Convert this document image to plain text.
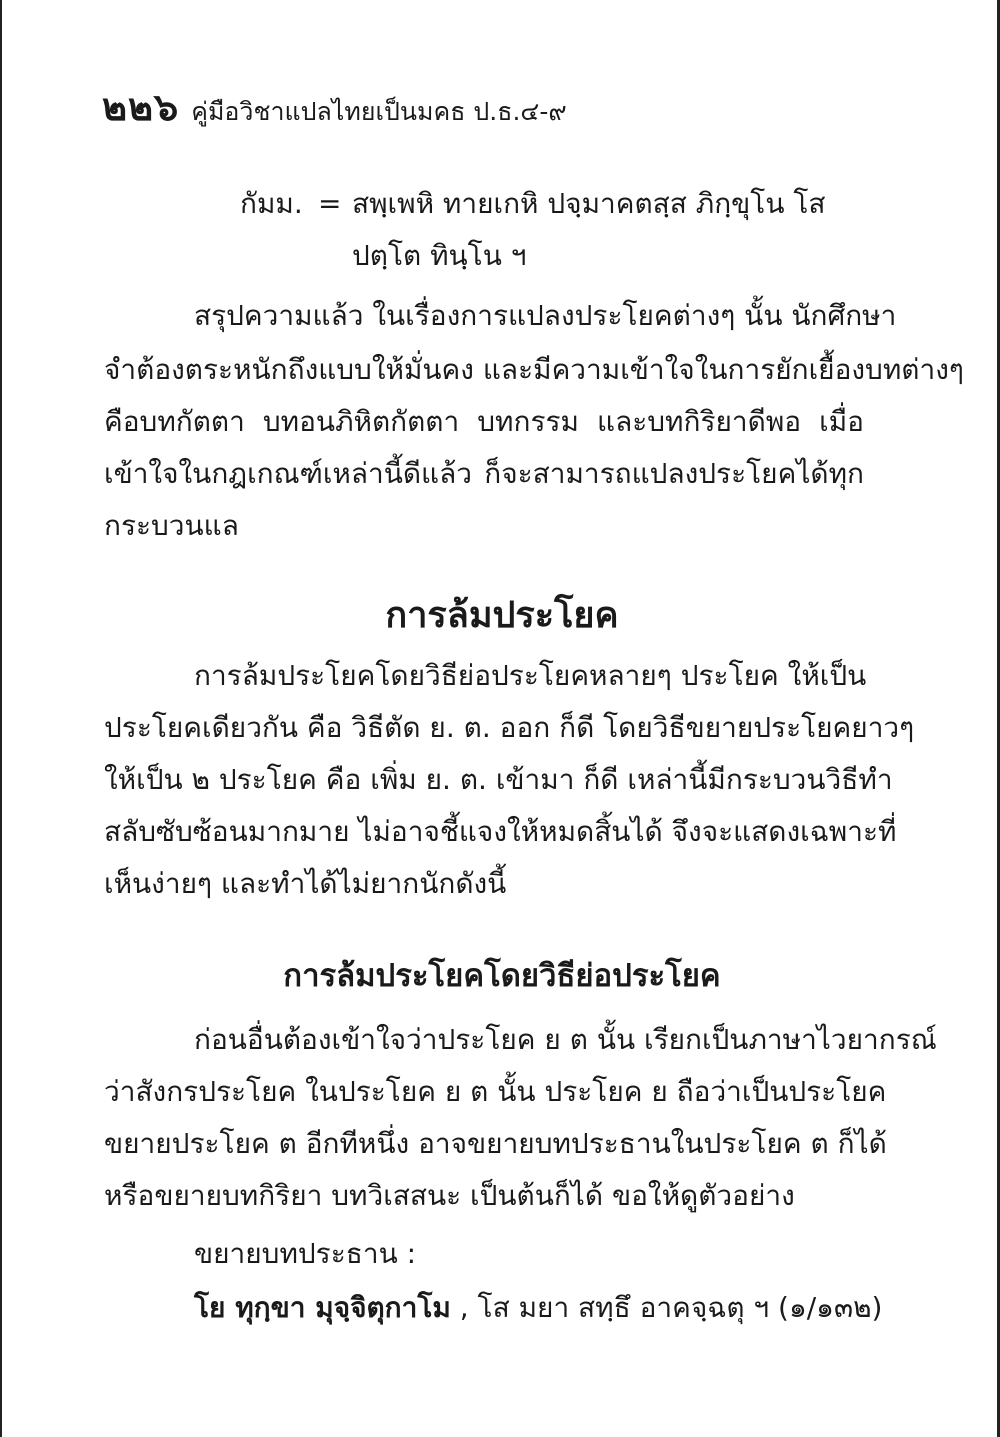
๒๒๖ คู่มือวิชาแปลไทยเป็นมคธ ป.ธ.๔-๙
กัมม. = สพฺเพหิ ทายเกหิ ปจฺมาคตสฺส ภิกฺขุโน โส
ปตฺโต ทินฺโน ฯ
สรุปความแล้ว ในเรื่องการแปลงประโยคต่างๆ นั้น นักศึกษา
จำต้องตระหนักถึงแบบให้มั่นคง และมีความเข้าใจในการยักเยื้องบทต่างๆ
คือบทกัตตา บทอนภิหิตกัตตา บทกรรม และบทกิริยาดีพอ เมื่อ
เข้าใจในกฎเกณฑ์เหล่านี้ดีแล้ว ก็จะสามารถแปลงประโยคได้ทุก
กระบวนแล
การล้มประโยค
การล้มประโยคโดยวิธีย่อประโยคหลายๆ ประโยค ให้เป็น
ประโยคเดียวกัน คือ วิธีตัด ย. ต. ออก ก็ดี โดยวิธีขยายประโยคยาวๆ
ให้เป็น ๒ ประโยค คือ เพิ่ม ย. ต. เข้ามา ก็ดี เหล่านี้มีกระบวนวิธีทำ
สลับซับซ้อนมากมาย ไม่อาจชี้แจงให้หมดสิ้นได้ จึงจะแสดงเฉพาะที่
เห็นง่ายๆ และทำได้ไม่ยากนักดังนี้
การล้มประโยคโดยวิธีย่อประโยค
ก่อนอื่นต้องเข้าใจว่าประโยค ย ต นั้น เรียกเป็นภาษาไวยากรณ์
ว่าสังกรประโยค ในประโยค ย ต นั้น ประโยค ย ถือว่าเป็นประโยค
ขยายประโยค ต อีกทีหนึ่ง อาจขยายบทประธานในประโยค ต ก็ได้
หรือขยายบทกิริยา บทวิเสสนะ เป็นต้นก็ได้ ขอให้ดูตัวอย่าง
ขยายบทประธาน :
โย ทุกฺขา มุจฺจิตุกาโม , โส มยา สทฺธึ อาคจฺฉตุ ฯ (๑/๑๓๒)
